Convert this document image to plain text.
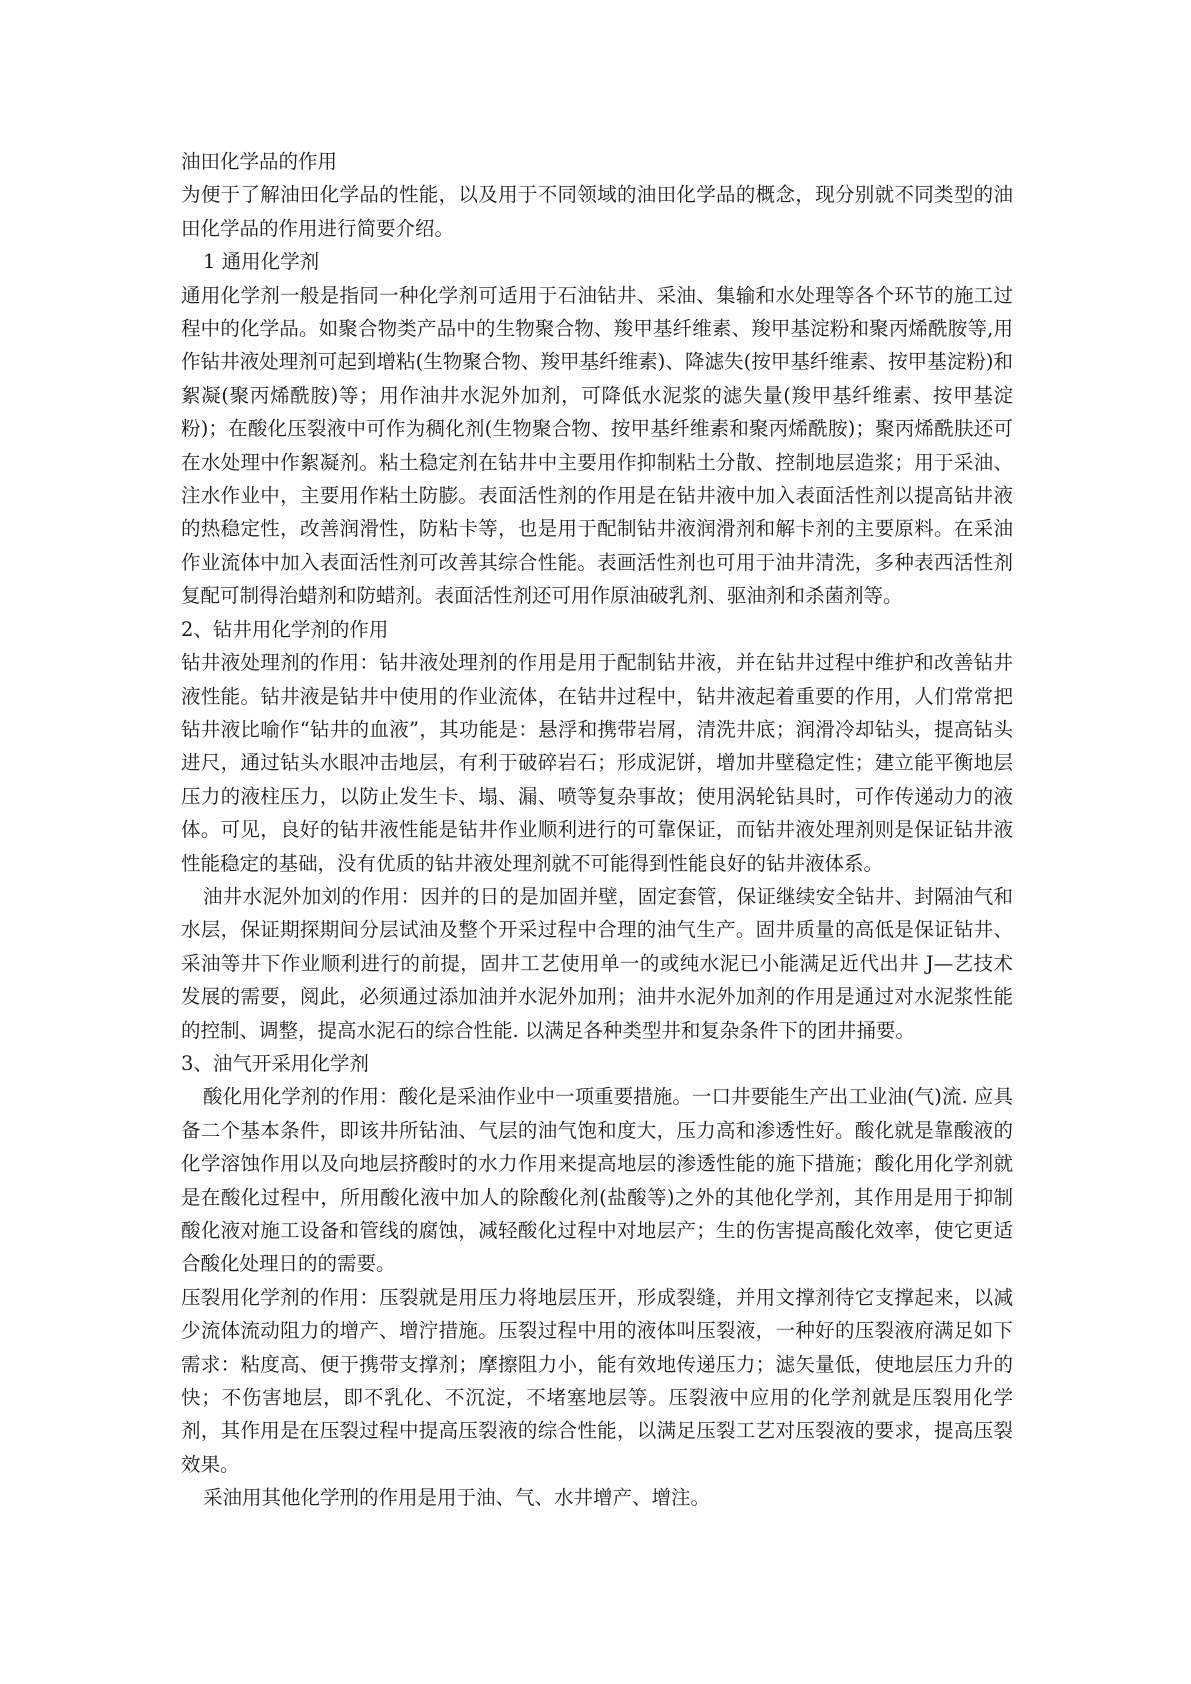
油田化学品的作用

为便于了解油田化学品的性能，以及用于不同领域的油田化学品的概念，现分别就不同类型的油田化学品的作用进行简要介绍。

1 通用化学剂

通用化学剂一般是指同一种化学剂可适用于石油钻井、采油、集输和水处理等各个环节的施工过程中的化学品。如聚合物类产品中的生物聚合物、羧甲基纤维素、羧甲基淀粉和聚丙烯酰胺等,用作钻井液处理剂可起到增粘(生物聚合物、羧甲基纤维素)、降滤失(按甲基纤维素、按甲基淀粉)和絮凝(聚丙烯酰胺)等；用作油井水泥外加剂，可降低水泥浆的滤失量(羧甲基纤维素、按甲基淀粉)；在酸化压裂液中可作为稠化剂(生物聚合物、按甲基纤维素和聚丙烯酰胺)；聚丙烯酰肤还可在水处理中作絮凝剂。粘土稳定剂在钻井中主要用作抑制粘土分散、控制地层造浆；用于采油、注水作业中，主要用作粘土防膨。表面活性剂的作用是在钻井液中加入表面活性剂以提高钻井液的热稳定性，改善润滑性，防粘卡等，也是用于配制钻井液润滑剂和解卡剂的主要原料。在采油作业流体中加入表面活性剂可改善其综合性能。表画活性剂也可用于油井清洗，多种表西活性剂复配可制得治蜡剂和防蜡剂。表面活性剂还可用作原油破乳剂、驱油剂和杀菌剂等。

2、钻井用化学剂的作用

钻井液处理剂的作用：钻井液处理剂的作用是用于配制钻井液，并在钻井过程中维护和改善钻井液性能。钻井液是钻井中使用的作业流体，在钻井过程中，钻井液起着重要的作用，人们常常把钻井液比喻作“钻井的血液”，其功能是：悬浮和携带岩屑，清洗井底；润滑冷却钻头，提高钻头进尺，通过钻头水眼冲击地层，有利于破碎岩石；形成泥饼，增加井壁稳定性；建立能平衡地层压力的液柱压力，以防止发生卡、塌、漏、喷等复杂事故；使用涡轮钻具时，可作传递动力的液体。可见，良好的钻井液性能是钻井作业顺利进行的可靠保证，而钻井液处理剂则是保证钻井液性能稳定的基础，没有优质的钻井液处理剂就不可能得到性能良好的钻井液体系。

油井水泥外加刘的作用：因并的日的是加固并壁，固定套管，保证继续安全钻井、封隔油气和水层，保证期探期间分层试油及整个开采过程中合理的油气生产。固井质量的高低是保证钻井、采油等井下作业顺利进行的前提，固井工艺使用单一的或纯水泥已小能满足近代出井 J—艺技术发展的需要，阅此，必须通过添加油并水泥外加刑；油井水泥外加剂的作用是通过对水泥浆性能的控制、调整，提高水泥石的综合性能. 以满足各种类型井和复杂条件下的团井捅要。

3、油气开采用化学剂

酸化用化学剂的作用：酸化是采油作业中一项重要措施。一口井要能生产出工业油(气)流. 应具备二个基本条件，即该井所钻油、气层的油气饱和度大，压力高和渗透性好。酸化就是靠酸液的化学溶蚀作用以及向地层挤酸时的水力作用来提高地层的渗透性能的施下措施；酸化用化学剂就是在酸化过程中，所用酸化液中加人的除酸化剂(盐酸等)之外的其他化学剂，其作用是用于抑制酸化液对施工设备和管线的腐蚀，减轻酸化过程中对地层产；生的伤害提高酸化效率，使它更适合酸化处理日的的需要。

压裂用化学剂的作用：压裂就是用压力将地层压开，形成裂缝，并用文撑剂待它支撑起来，以减少流体流动阻力的增产、增泞措施。压裂过程中用的液体叫压裂液，一种好的压裂液府满足如下需求：粘度高、便于携带支撑剂；摩擦阻力小，能有效地传递压力；滤矢量低，使地层压力升的快；不伤害地层，即不乳化、不沉淀，不堵塞地层等。压裂液中应用的化学剂就是压裂用化学剂，其作用是在压裂过程中提高压裂液的综合性能，以满足压裂工艺对压裂液的要求，提高压裂效果。

采油用其他化学刑的作用是用于油、气、水井增产、增注。
